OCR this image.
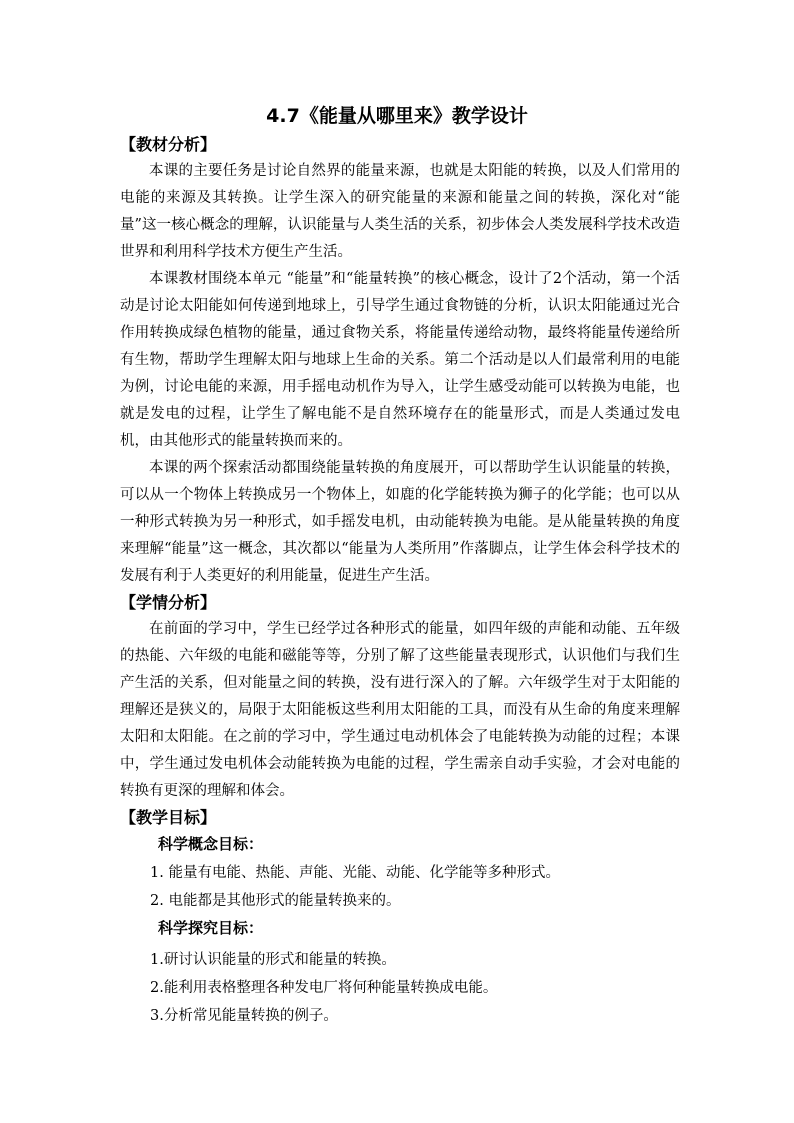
4.7《能量从哪里来》教学设计
【教材分析】

本课的主要任务是讨论自然界的能量来源，也就是太阳能的转换，以及人们常用的电能的来源及其转换。让学生深入的研究能量的来源和能量之间的转换，深化对“能量”这一核心概念的理解，认识能量与人类生活的关系，初步体会人类发展科学技术改造世界和利用科学技术方便生产生活。

本课教材围绕本单元 “能量”和“能量转换”的核心概念，设计了2个活动，第一个活动是讨论太阳能如何传递到地球上，引导学生通过食物链的分析，认识太阳能通过光合作用转换成绿色植物的能量，通过食物关系，将能量传递给动物，最终将能量传递给所有生物，帮助学生理解太阳与地球上生命的关系。第二个活动是以人们最常利用的电能为例，讨论电能的来源，用手摇电动机作为导入，让学生感受动能可以转换为电能，也就是发电的过程，让学生了解电能不是自然环境存在的能量形式，而是人类通过发电机，由其他形式的能量转换而来的。

本课的两个探索活动都围绕能量转换的角度展开，可以帮助学生认识能量的转换，可以从一个物体上转换成另一个物体上，如鹿的化学能转换为狮子的化学能；也可以从一种形式转换为另一种形式，如手摇发电机，由动能转换为电能。是从能量转换的角度来理解“能量”这一概念，其次都以“能量为人类所用”作落脚点，让学生体会科学技术的发展有利于人类更好的利用能量，促进生产生活。

【学情分析】

在前面的学习中，学生已经学过各种形式的能量，如四年级的声能和动能、五年级的热能、六年级的电能和磁能等等，分别了解了这些能量表现形式，认识他们与我们生产生活的关系，但对能量之间的转换，没有进行深入的了解。六年级学生对于太阳能的理解还是狭义的，局限于太阳能板这些利用太阳能的工具，而没有从生命的角度来理解太阳和太阳能。在之前的学习中，学生通过电动机体会了电能转换为动能的过程；本课中，学生通过发电机体会动能转换为电能的过程，学生需亲自动手实验，才会对电能的转换有更深的理解和体会。

【教学目标】
科学概念目标：
1. 能量有电能、热能、声能、光能、动能、化学能等多种形式。
2. 电能都是其他形式的能量转换来的。
科学探究目标：
1.研讨认识能量的形式和能量的转换。
2.能利用表格整理各种发电厂将何种能量转换成电能。
3.分析常见能量转换的例子。
